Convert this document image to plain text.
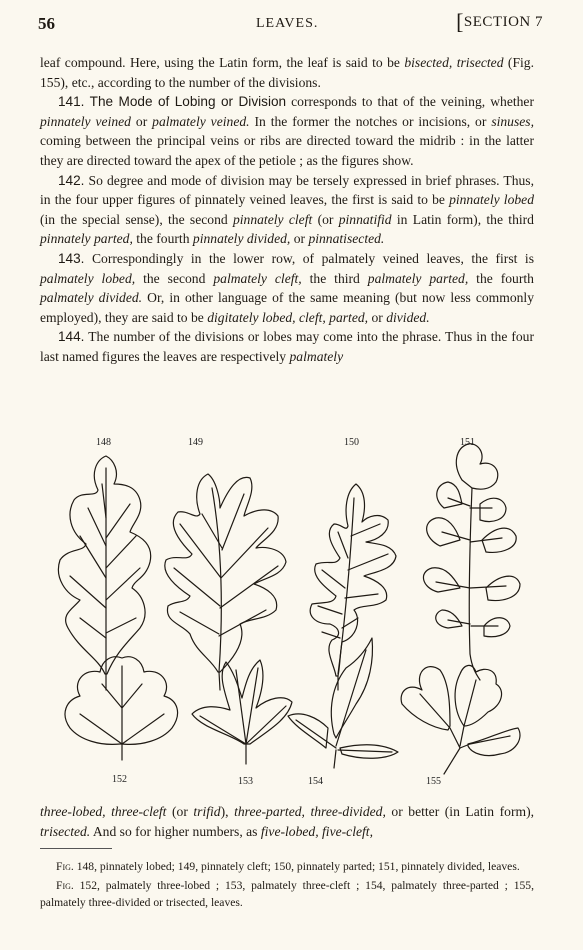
56	LEAVES.	[SECTION 7

leaf compound. Here, using the Latin form, the leaf is said to be bisected, trisected (Fig. 155), etc., according to the number of the divisions.

141. The Mode of Lobing or Division corresponds to that of the veining, whether pinnately veined or palmately veined. In the former the notches or incisions, or sinuses, coming between the principal veins or ribs are directed toward the midrib : in the latter they are directed toward the apex of the petiole ; as the figures show.

142. So degree and mode of division may be tersely expressed in brief phrases. Thus, in the four upper figures of pinnately veined leaves, the first is said to be pinnately lobed (in the special sense), the second pinnately cleft (or pinnatifid in Latin form), the third pinnately parted, the fourth pinnately divided, or pinnatisected.

143. Correspondingly in the lower row, of palmately veined leaves, the first is palmately lobed, the second palmately cleft, the third palmately parted, the fourth palmately divided. Or, in other language of the same meaning (but now less commonly employed), they are said to be digitately lobed, cleft, parted, or divided.

144. The number of the divisions or lobes may come into the phrase. Thus in the four last named figures the leaves are respectively palmately

148	149	150	151
152	153	154	155
three-lobed, three-cleft (or trifid), three-parted, three-divided, or better (in Latin form), trisected. And so for higher numbers, as five-lobed, five-cleft,

Fig. 148, pinnately lobed; 149, pinnately cleft; 150, pinnately parted; 151, pinnately divided, leaves.

Fig. 152, palmately three-lobed ; 153, palmately three-cleft ; 154, palmately three-parted ; 155, palmately three-divided or trisected, leaves.
